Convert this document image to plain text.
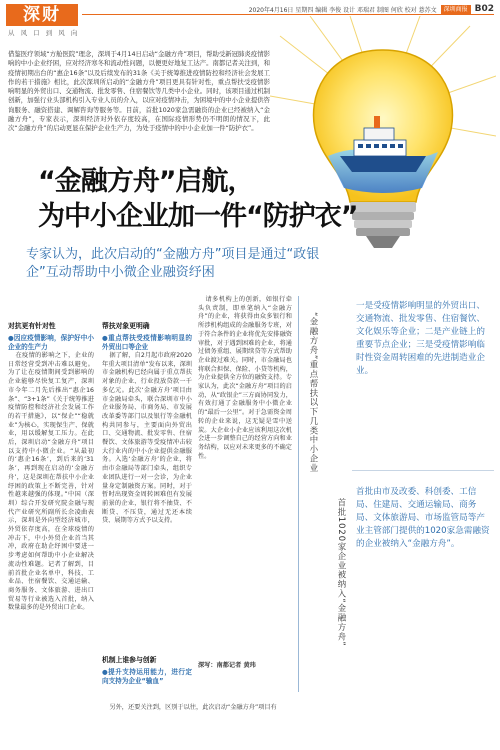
深财
从 风 口 到 风 向
2020年4月16日 星期四 编辑 李俊 设计 邓瑞君 制图 何欣 校对 薏苏文	深圳商报 B02
借鉴医疗领域“方舱医院”理念，深圳于4月14日启动“金融方舟”项目，帮助受新冠肺炎疫情影响的中小企业纾困，应对经济寒冬和流动性问题，以便更好地复工达产。南都记者关注到，和疫情初期出台的“惠企16条”以及后续发布的31条《关于统筹推进疫情防控和经济社会发展工作的若干措施》相比，此次深圳所启动的“金融方舟”项目更具有针对性，重点帮扶受疫情影响明显的外贸出口、交通物流、批发零售、住宿餐饮等几类中小企业。同时，该项目通过机制创新，加强行业头部机构引入专业人员的介入，以应对疫情冲击，为困境中的中小企业提供咨询服务、融资搭建、调解咨询等服务等。目前，首批1020家急需融资的企业已经被纳入“金融方舟”，专家表示，深圳经济对外依存度较高，在国际疫情形势仍不明朗的情况下，此次“金融方舟”的启动更显在保护企业生产力，为处于疫情中的中小企业加一件“防护衣”。
“金融方舟”启航，
为中小企业加一件“防护衣”
专家认为，此次启动的“金融方舟”项目是通过“政银企”互动帮助中小微企业融资纾困

对抗更有针对性

●因应疫情影响，保护好中小企业的生产力

在疫情的影响之下，企业的日常经营受到冲击难以避免。为了让在疫情期间受到影响的企业能够尽快复工复产，深圳市今年二月先后推出“惠企16条”、“3+1条”《关于统筹推进疫情防控和经济社会发展工作的若干措施》，以“保企”“稳就业”为核心，实现保生产、保就业，用以缓解复工压力。在此后，深圳启动“金融方舟”项目以支持中小微企业。“从最初的‘惠企16条’，到后来的‘31条’，再到现在启动的‘金融方舟’，这是深圳在帮扶中小企业纾困的政策上不断完善，针对性越来越强的体现。”中国（深圳）综合开发研究院金融与现代产业研究所副所长余凌曲表示，深圳是外向型经济城市，外贸依存度高，在全球疫情的冲击下，中小外贸企业首当其冲，政府在助企纾困中要进一步考虑如何帮助中小企业解决流动性难题。记者了解到，目前首批企业名单中，科技、工业品、住宿餐饮、交通运输、商务服务、文体旅游、进出口贸易等行业被选入首批，纳入数量最多的是外贸出口企业。

帮扶对象更明确

●重点帮扶受疫情影响明显的外贸出口等企业

据了解，自2月起市政府2020年重大项目清单“发布以来，深圳市金融机构已经向属于重点帮扶对象的企业、行业投放贷款一千多亿元。此次‘金融方舟’项目由市金融局牵头，联合深圳市中小企业服务局、市商务局、市发展改革委等部门以及银行等金融机构共同参与，主要面向外贸出口、交通物流、批发零售、住宿餐饮、文体旅游等受疫情冲击较大行业内的中小企业提供金融服务。入选‘金融方舟’的企业，将由市金融局等部门牵头，组织专业团队进行一对一会诊，为企业量身定制融资方案。同时，对于暂时出现资金周转困难但有发展前景的企业，银行将不抽贷、不断贷、不压贷，通过无还本续贷、展期等方式予以支持。

请多机构上的创新，如银行牵头负责制，即单笔纳入“金融方舟”的企业，将获得由众多银行和所涉机构组成的金融服务专班，对于符合条件的企业将优先安排融资审批，对于遇到困难的企业，将通过债务重组、展期续贷等方式帮助企业渡过难关。同时，市金融局也将联合担保、保险、小贷等机构，为企业提供全方位的融资支持。专家认为，此次“金融方舟”项目的启动，从“政银企”三方面协同发力，有效打通了金融服务中小微企业的“最后一公里”。对于急需资金周转的企业来说，这无疑是雪中送炭。大企业小企业应该利用这次机会进一步调整自己的经营方向和业务结构，以应对未来更多的不确定性。

机制上谁参与创新

●提升支持运用能力，进行定向支持为企业“输血”

深写：南都记者 黄玮

另外，还要关注到，区别于以往，此次启动“金融方舟”项目有

“金融方舟”重点帮扶以下几类中小企业
一是受疫情影响明显的外贸出口、交通物流、批发零售、住宿餐饮、文化娱乐等企业；二是产业链上的重要节点企业；三是受疫情影响临时性资金周转困难的先进制造业企业。
首批1020家企业被纳入“金融方舟”
首批由市及改委、科创委、工信局、住建局、交通运输局、商务局、文体旅游局、市场监管局等产业主管部门提供的1020家急需融资的企业被纳入“金融方舟”。
